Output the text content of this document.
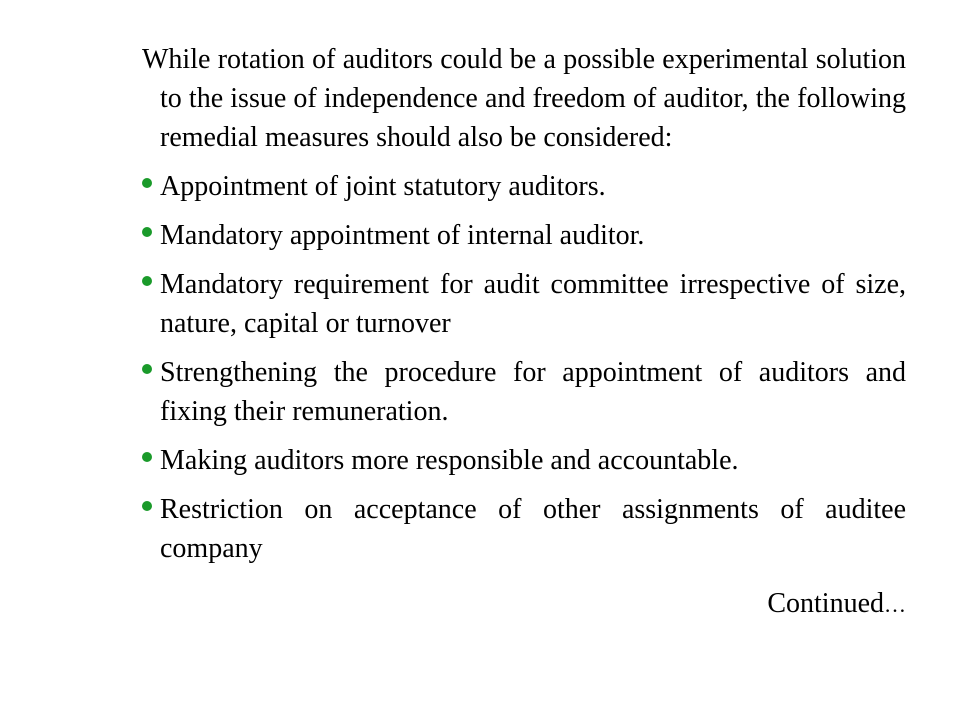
While rotation of auditors could be a possible experimental solution to the issue of independence and freedom of auditor, the following remedial measures should also be considered:

Appointment of joint statutory auditors.
Mandatory appointment of internal auditor.
Mandatory requirement for audit committee irrespective of size, nature, capital or turnover
Strengthening the procedure for appointment of auditors and fixing their remuneration.
Making auditors more responsible and accountable.
Restriction on acceptance of other assignments of auditee company
Continued…
